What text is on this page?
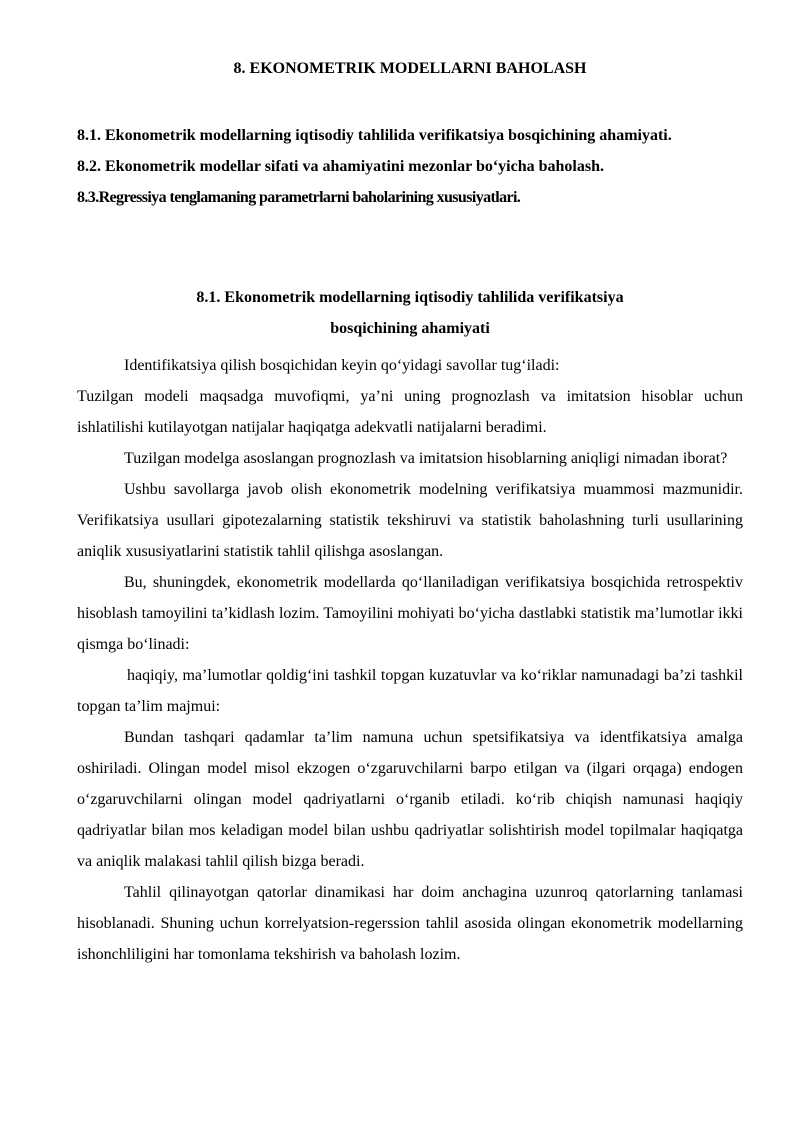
8. EKONOMETRIK MODELLARNI BAHOLASH

8.1. Ekonometrik modellarning iqtisodiy tahlilida verifikatsiya bosqichining ahamiyati.

8.2. Ekonometrik modellar sifati va ahamiyatini mezonlar bo‘yicha baholash.

8.3.Regressiya tenglamaning parametrlarni baholarining xususiyatlari.

8.1. Ekonometrik modellarning iqtisodiy tahlilida verifikatsiya
bosqichining ahamiyati

Identifikatsiya qilish bosqichidan keyin qo‘yidagi savollar tug‘iladi:

Tuzilgan modeli maqsadga muvofiqmi, ya’ni uning prognozlash va imitatsion hisoblar uchun ishlatilishi kutilayotgan natijalar haqiqatga adekvatli natijalarni beradimi.

Tuzilgan modelga asoslangan prognozlash va imitatsion hisoblarning aniqligi nimadan iborat?

Ushbu savollarga javob olish ekonometrik modelning verifikatsiya muammosi mazmunidir. Verifikatsiya usullari gipotezalarning statistik tekshiruvi va statistik baholashning turli usullarining aniqlik xususiyatlarini statistik tahlil qilishga asoslangan.

Bu, shuningdek, ekonometrik modellarda qo‘llaniladigan verifikatsiya bosqichida retrospektiv hisoblash tamoyilini ta’kidlash lozim. Tamoyilini mohiyati bo‘yicha dastlabki statistik ma’lumotlar ikki qismga bo‘linadi:

haqiqiy, ma’lumotlar qoldig‘ini tashkil topgan kuzatuvlar va ko‘riklar namunadagi ba’zi tashkil topgan ta’lim majmui:

Bundan tashqari qadamlar ta’lim namuna uchun spetsifikatsiya va identfikatsiya amalga oshiriladi. Olingan model misol ekzogen o‘zgaruvchilarni barpo etilgan va (ilgari orqaga) endogen o‘zgaruvchilarni olingan model qadriyatlarni o‘rganib etiladi. ko‘rib chiqish namunasi haqiqiy qadriyatlar bilan mos keladigan model bilan ushbu qadriyatlar solishtirish model topilmalar haqiqatga va aniqlik malakasi tahlil qilish bizga beradi.

Tahlil qilinayotgan qatorlar dinamikasi har doim anchagina uzunroq qatorlarning tanlamasi hisoblanadi. Shuning uchun korrelyatsion-regerssion tahlil asosida olingan ekonometrik modellarning ishonchliligini har tomonlama tekshirish va baholash lozim.
